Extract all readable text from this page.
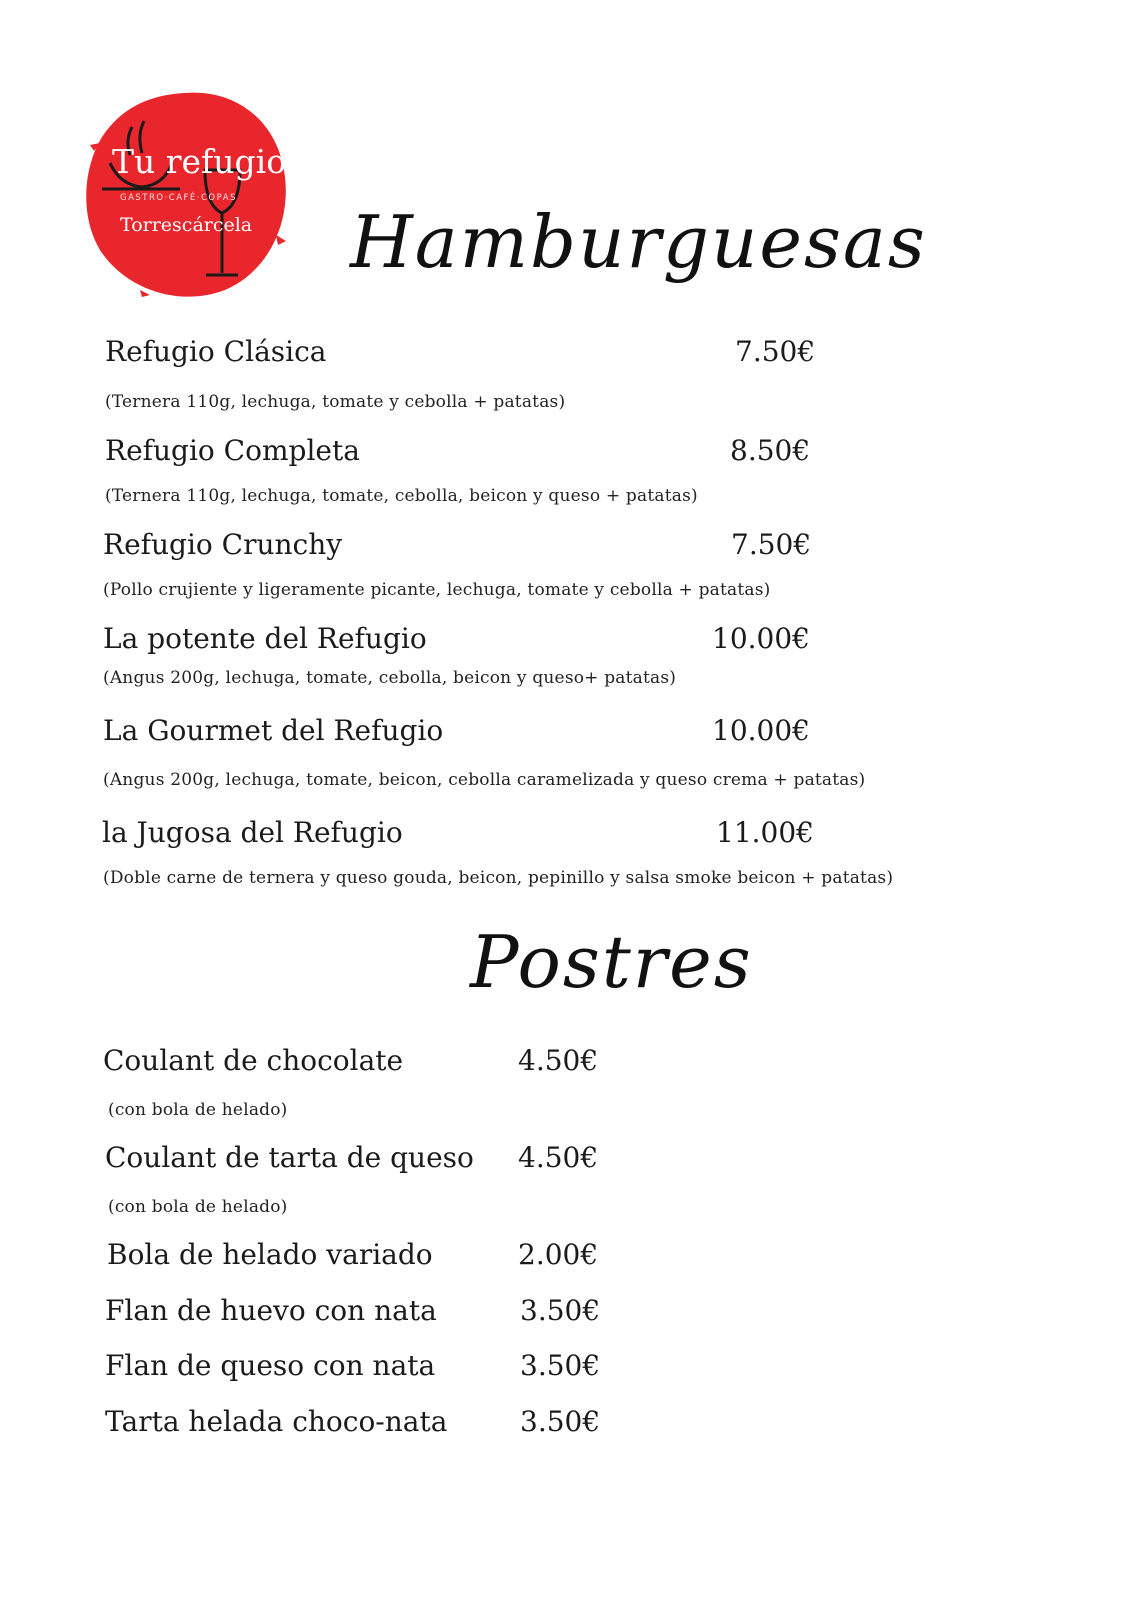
Tu refugio
GASTRO·CAFÉ·COPAS
Torrescárcela Hamburguesas
Postres
Refugio Clásica	7.50€
(Ternera 110g, lechuga, tomate y cebolla + patatas)
Refugio Completa	8.50€
(Ternera 110g, lechuga, tomate, cebolla, beicon y queso + patatas)
Refugio Crunchy	7.50€
(Pollo crujiente y ligeramente picante, lechuga, tomate y cebolla + patatas)
La potente del Refugio	10.00€
(Angus 200g, lechuga, tomate, cebolla, beicon y queso+ patatas)
La Gourmet del Refugio	10.00€
(Angus 200g, lechuga, tomate, beicon, cebolla caramelizada y queso crema + patatas)
la Jugosa del Refugio	11.00€
(Doble carne de ternera y queso gouda, beicon, pepinillo y salsa smoke beicon + patatas)
Coulant de chocolate	4.50€
(con bola de helado)
Coulant de tarta de queso 4.50€
(con bola de helado)
Bola de helado variado	2.00€
Flan de huevo con nata	3.50€
Flan de queso con nata	3.50€
Tarta helada choco-nata	3.50€
